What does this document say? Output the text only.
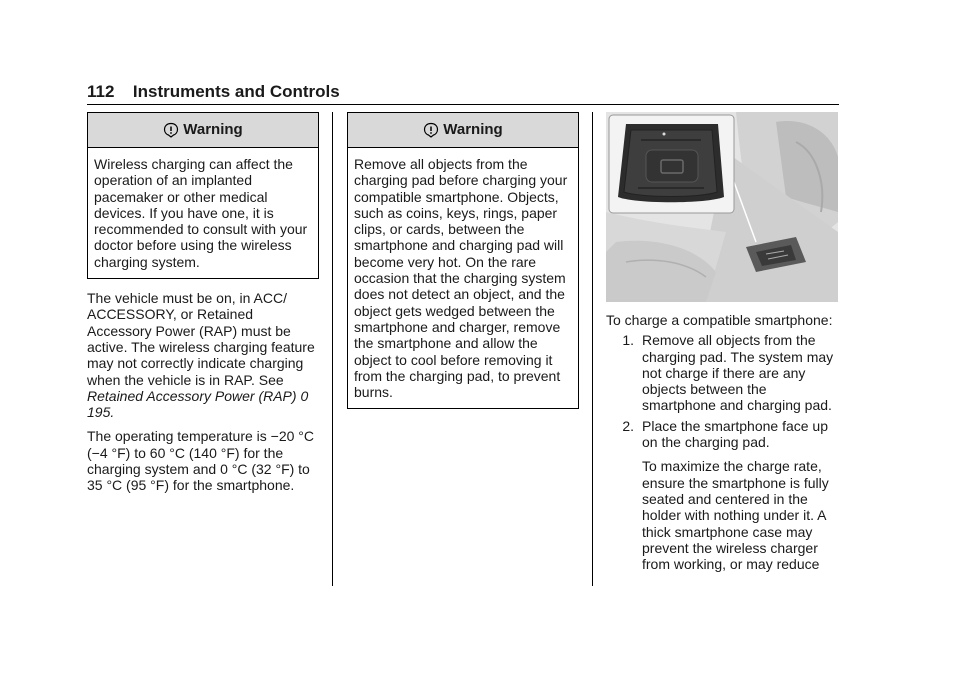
112 Instruments and Controls
Warning

Wireless charging can affect the operation of an implanted pacemaker or other medical devices. If you have one, it is recommended to consult with your doctor before using the wireless charging system.

The vehicle must be on, in ACC/ ACCESSORY, or Retained Accessory Power (RAP) must be active. The wireless charging feature may not correctly indicate charging when the vehicle is in RAP. See Retained Accessory Power (RAP) 0 195.

The operating temperature is −20 °C (−4 °F) to 60 °C (140 °F) for the charging system and 0 °C (32 °F) to 35 °C (95 °F) for the smartphone.

Warning

Remove all objects from the charging pad before charging your compatible smartphone. Objects, such as coins, keys, rings, paper clips, or cards, between the smartphone and charging pad will become very hot. On the rare occasion that the charging system does not detect an object, and the object gets wedged between the smartphone and charger, remove the smartphone and allow the object to cool before removing it from the charging pad, to prevent burns.

To charge a compatible smartphone:

1. Remove all objects from the charging pad. The system may not charge if there are any objects between the smartphone and charging pad.
2. Place the smartphone face up on the charging pad.

To maximize the charge rate, ensure the smartphone is fully seated and centered in the holder with nothing under it. A thick smartphone case may prevent the wireless charger from working, or may reduce
